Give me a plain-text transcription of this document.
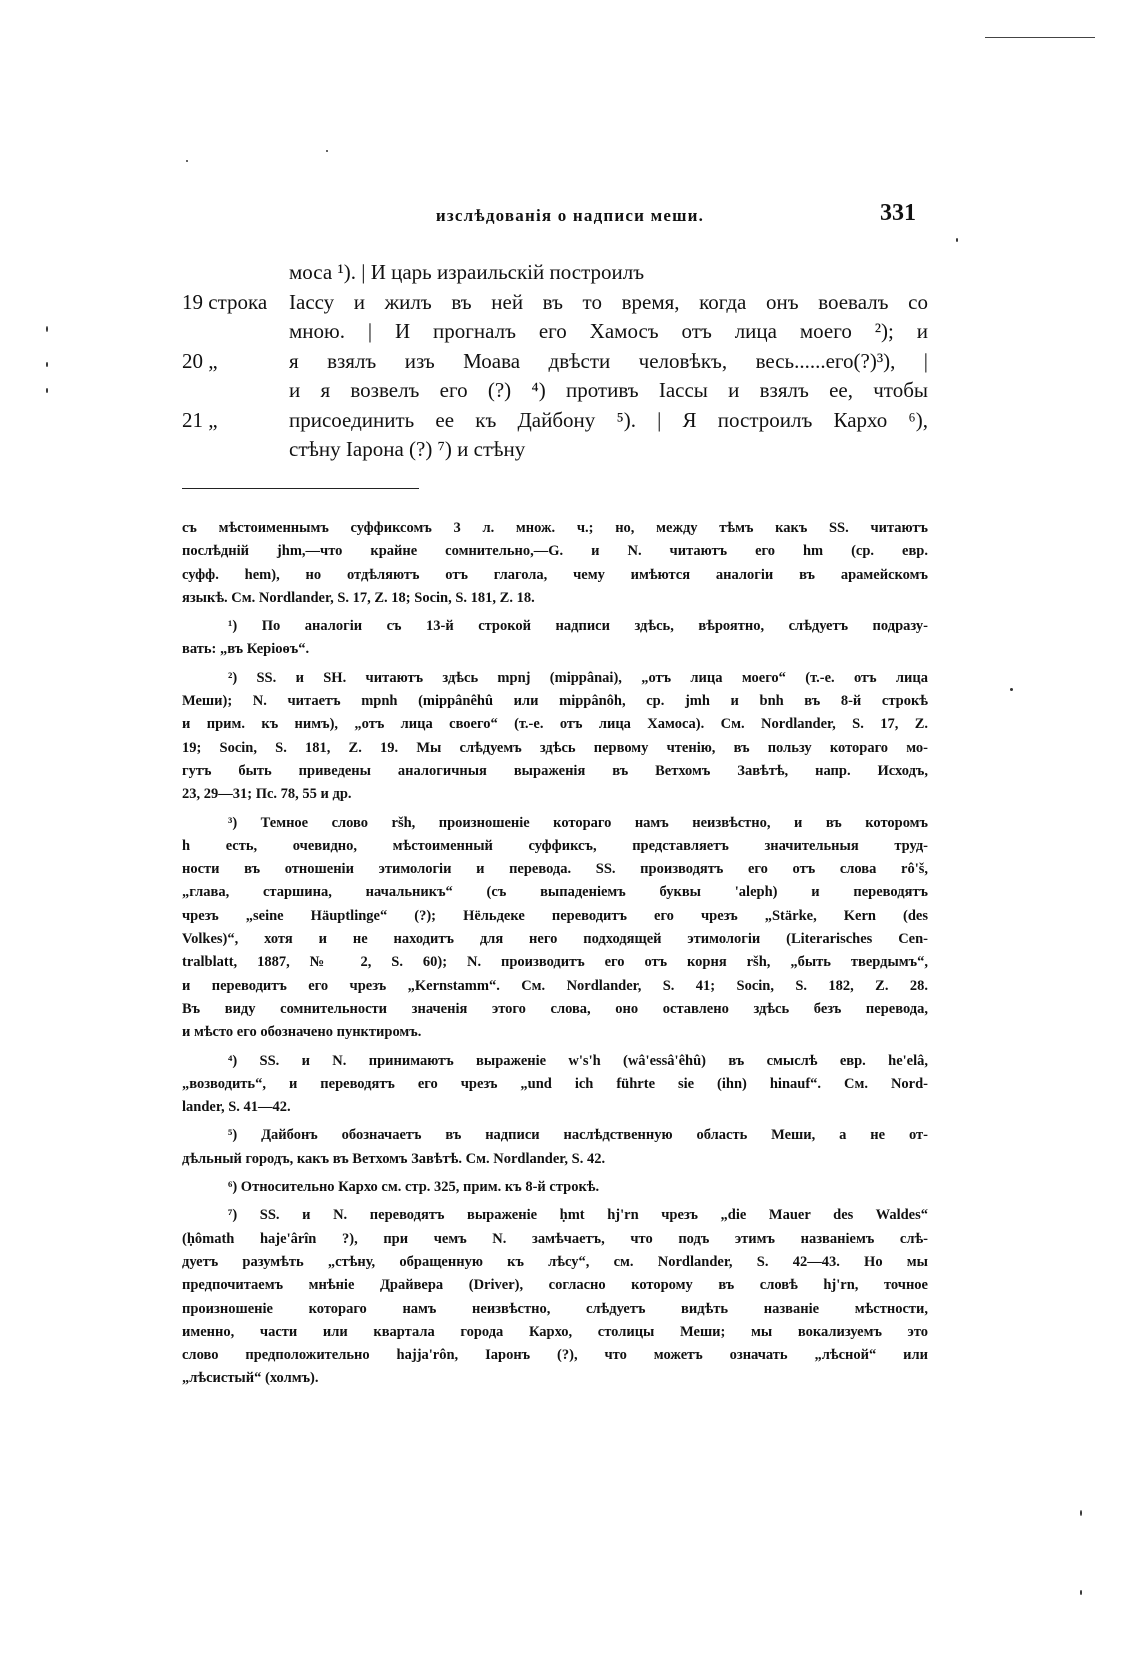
изслѣдованія о надписи меши.	331
моса ¹). | И царь израильскій построилъ
19 строка Іассу и жилъ въ ней въ то время, когда онъ воевалъ со
мною. | И прогналъ его Хамосъ отъ лица моего ²); и
20 „	я взялъ изъ Моава двѣсти человѣкъ, весь......его(?)³), |
и я возвелъ его (?) ⁴) противъ Іассы и взялъ ее, чтобы
21 „	присоединить ее къ Дайбону ⁵). | Я построилъ Кархо ⁶),
стѣну Іарона (?) ⁷) и стѣну
съ мѣстоименнымъ суффиксомъ 3 л. множ. ч.; но, между тѣмъ какъ SS. читаютъ
послѣдній jhm,—что крайне сомнительно,—G. и N. читаютъ его hm (ср. евр.
суфф. hem), но отдѣляютъ отъ глагола, чему имѣются аналогіи въ арамейскомъ
языкѣ. См. Nordlander, S. 17, Z. 18; Socin, S. 181, Z. 18.
¹) По аналогіи съ 13-й строкой надписи здѣсь, вѣроятно, слѣдуетъ подразу-
вать: „въ Керіоѳъ“.
²) SS. и SH. читаютъ здѣсь mpnj (mippânai), „отъ лица моего“ (т.-е. отъ лица
Меши); N. читаетъ mpnh (mippânêhû или mippânôh, ср. jmh и bnh въ 8-й строкѣ
и прим. къ нимъ), „отъ лица своего“ (т.-е. отъ лица Хамоса). См. Nordlander, S. 17, Z.
19; Socin, S. 181, Z. 19. Мы слѣдуемъ здѣсь первому чтенію, въ пользу котораго мо-
гутъ быть приведены аналогичныя выраженія въ Ветхомъ Завѣтѣ, напр. Исходъ,
23, 29—31; Пс. 78, 55 и др.
³) Темное слово ršh, произношеніе котораго намъ неизвѣстно, и въ которомъ
h есть, очевидно, мѣстоименный суффиксъ, представляетъ значительныя труд-
ности въ отношеніи этимологіи и перевода. SS. производятъ его отъ слова rô'š,
„глава, старшина, начальникъ“ (съ выпаденіемъ буквы 'aleph) и переводятъ
чрезъ „seine Häuptlinge“ (?); Нёльдеке переводитъ его чрезъ „Stärke, Kern (des
Volkes)“, хотя и не находитъ для него подходящей этимологіи (Literarisches Cen-
tralblatt, 1887, № 2, S. 60); N. производитъ его отъ корня ršh, „быть твердымъ“,
и переводитъ его чрезъ „Kernstamm“. См. Nordlander, S. 41; Socin, S. 182, Z. 28.
Въ виду сомнительности значенія этого слова, оно оставлено здѣсь безъ перевода,
и мѣсто его обозначено пунктиромъ.
⁴) SS. и N. принимаютъ выраженіе w's'h (wâ'essâ'êhû) въ смыслѣ евр. he'elâ,
„возводить“, и переводятъ его чрезъ „und ich führte sie (ihn) hinauf“. См. Nord-
lander, S. 41—42.
⁵) Дайбонъ обозначаетъ въ надписи наслѣдственную область Меши, а не от-
дѣльный городъ, какъ въ Ветхомъ Завѣтѣ. См. Nordlander, S. 42.
⁶) Относительно Кархо см. стр. 325, прим. къ 8-й строкѣ.
⁷) SS. и N. переводятъ выраженіе ḥmt hj'rn чрезъ „die Mauer des Waldes“
(ḥômath haje'ârîn ?), при чемъ N. замѣчаетъ, что подъ этимъ названіемъ слѣ-
дуетъ разумѣть „стѣну, обращенную къ лѣсу“, см. Nordlander, S. 42—43. Но мы
предпочитаемъ мнѣніе Драйвера (Driver), согласно которому въ словѣ hj'rn, точное
произношеніе котораго намъ неизвѣстно, слѣдуетъ видѣть названіе мѣстности,
именно, части или квартала города Кархо, столицы Меши; мы вокализуемъ это
слово предположительно hajja'rôn, Іаронъ (?), что можетъ означать „лѣсной“ или
„лѣсистый“ (холмъ).
